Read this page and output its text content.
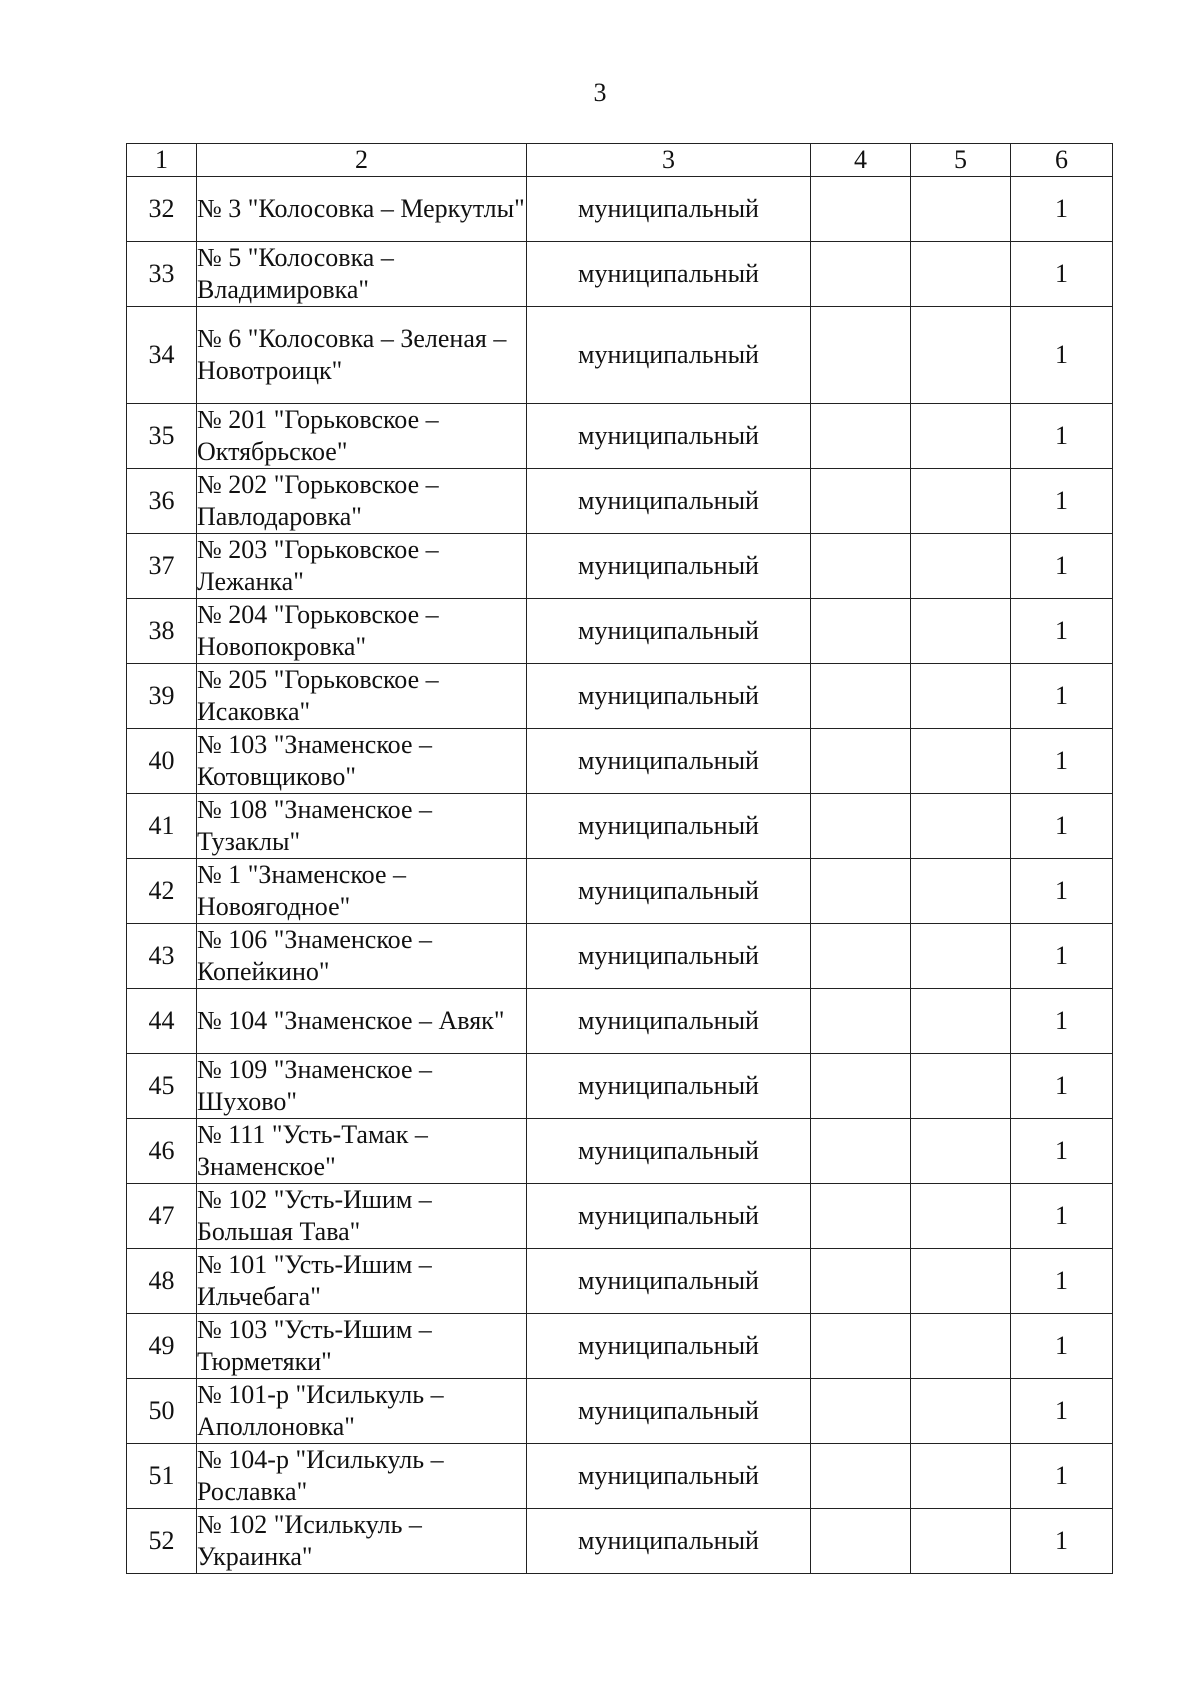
3
1	2	3	4	5	6
32	№ 3 "Колосовка – Меркутлы"	муниципальный			1
33	№ 5 "Колосовка – Владимировка"	муниципальный			1
34	№ 6 "Колосовка – Зеленая – Новотроицк"	муниципальный			1
35	№ 201 "Горьковское – Октябрьское"	муниципальный			1
36	№ 202 "Горьковское – Павлодаровка"	муниципальный			1
37	№ 203 "Горьковское – Лежанка"	муниципальный			1
38	№ 204 "Горьковское – Новопокровка"	муниципальный			1
39	№ 205 "Горьковское – Исаковка"	муниципальный			1
40	№ 103 "Знаменское – Котовщиково"	муниципальный			1
41	№ 108 "Знаменское – Тузаклы"	муниципальный			1
42	№ 1 "Знаменское – Новоягодное"	муниципальный			1
43	№ 106 "Знаменское – Копейкино"	муниципальный			1
44	№ 104 "Знаменское – Авяк"	муниципальный			1
45	№ 109 "Знаменское – Шухово"	муниципальный			1
46	№ 111 "Усть-Тамак – Знаменское"	муниципальный			1
47	№ 102 "Усть-Ишим – Большая Тава"	муниципальный			1
48	№ 101 "Усть-Ишим – Ильчебага"	муниципальный			1
49	№ 103 "Усть-Ишим – Тюрметяки"	муниципальный			1
50	№ 101-р "Исилькуль – Аполлоновка"	муниципальный			1
51	№ 104-р "Исилькуль – Рославка"	муниципальный			1
52	№ 102 "Исилькуль – Украинка"	муниципальный			1
